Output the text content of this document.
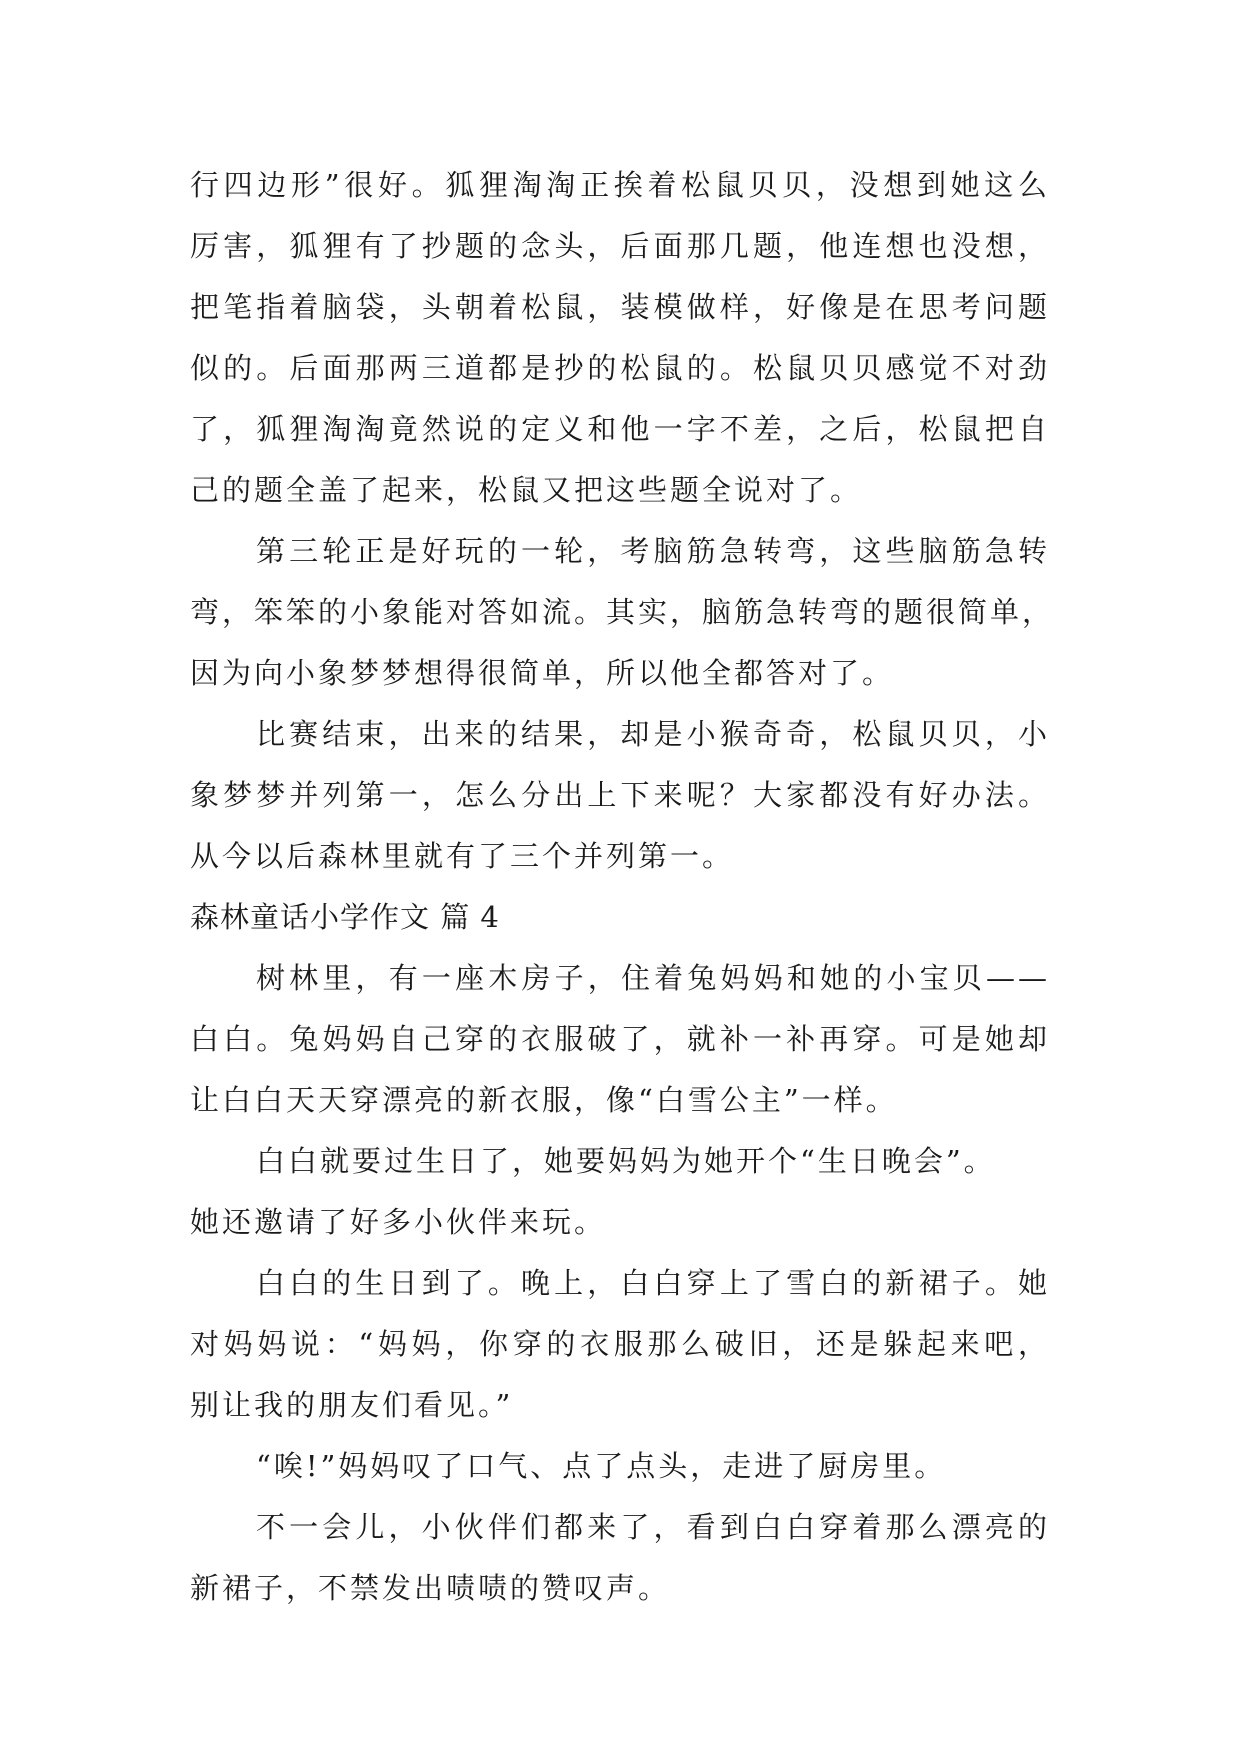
行四边形”很好。狐狸淘淘正挨着松鼠贝贝，没想到她这么
厉害，狐狸有了抄题的念头，后面那几题，他连想也没想，
把笔指着脑袋，头朝着松鼠，装模做样，好像是在思考问题
似的。后面那两三道都是抄的松鼠的。松鼠贝贝感觉不对劲
了，狐狸淘淘竟然说的定义和他一字不差，之后，松鼠把自
己的题全盖了起来，松鼠又把这些题全说对了。
第三轮正是好玩的一轮，考脑筋急转弯，这些脑筋急转
弯，笨笨的小象能对答如流。其实，脑筋急转弯的题很简单，
因为向小象梦梦想得很简单，所以他全都答对了。
比赛结束，出来的结果，却是小猴奇奇，松鼠贝贝，小
象梦梦并列第一，怎么分出上下来呢？大家都没有好办法。
从今以后森林里就有了三个并列第一。
森林童话小学作文 篇 4
树林里，有一座木房子，住着兔妈妈和她的小宝贝——
白白。兔妈妈自己穿的衣服破了，就补一补再穿。可是她却
让白白天天穿漂亮的新衣服，像“白雪公主”一样。
白白就要过生日了，她要妈妈为她开个“生日晚会”。
她还邀请了好多小伙伴来玩。
白白的生日到了。晚上，白白穿上了雪白的新裙子。她
对妈妈说：“妈妈，你穿的衣服那么破旧，还是躲起来吧，
别让我的朋友们看见。”
“唉!”妈妈叹了口气、点了点头，走进了厨房里。
不一会儿，小伙伴们都来了，看到白白穿着那么漂亮的
新裙子，不禁发出啧啧的赞叹声。
